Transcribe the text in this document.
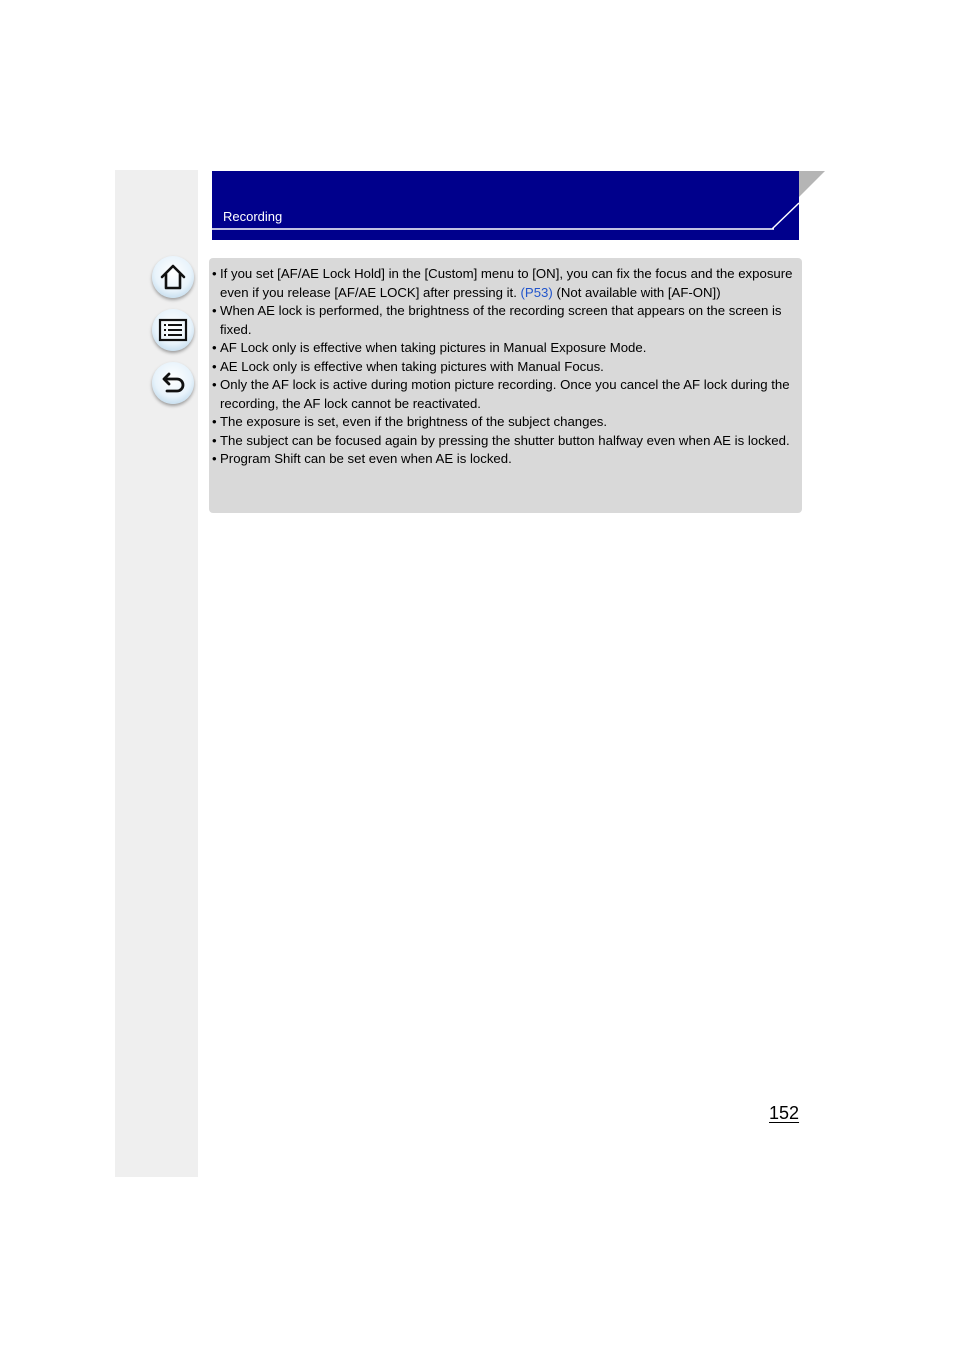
Recording
• If you set [AF/AE Lock Hold] in the [Custom] menu to [ON], you can fix the focus and the exposure even if you release [AF/AE LOCK] after pressing it. (P53) (Not available with [AF-ON])
• When AE lock is performed, the brightness of the recording screen that appears on the screen is fixed.
• AF Lock only is effective when taking pictures in Manual Exposure Mode.
• AE Lock only is effective when taking pictures with Manual Focus.
• Only the AF lock is active during motion picture recording. Once you cancel the AF lock during the recording, the AF lock cannot be reactivated.
• The exposure is set, even if the brightness of the subject changes.
• The subject can be focused again by pressing the shutter button halfway even when AE is locked.
• Program Shift can be set even when AE is locked.
152
